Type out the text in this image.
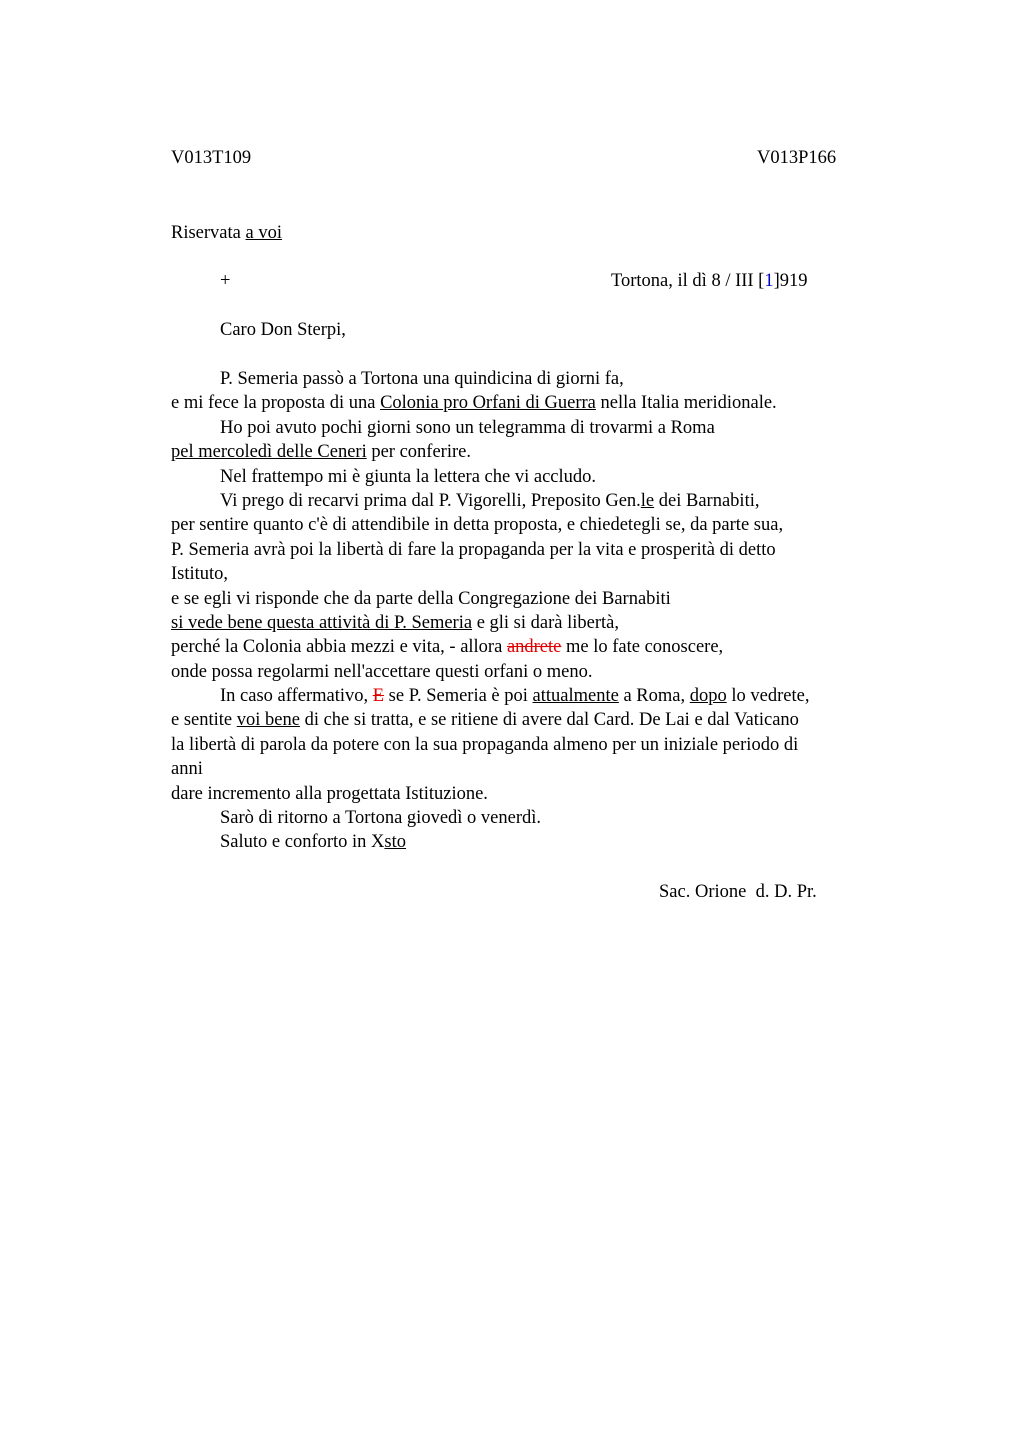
V013T109	V013P166
Riservata a voi
+	Tortona, il dì 8 / III [1]919
Caro Don Sterpi,
P. Semeria passò a Tortona una quindicina di giorni fa,
e mi fece la proposta di una Colonia pro Orfani di Guerra nella Italia meridionale.
Ho poi avuto pochi giorni sono un telegramma di trovarmi a Roma
pel mercoledì delle Ceneri per conferire.
Nel frattempo mi è giunta la lettera che vi accludo.
Vi prego di recarvi prima dal P. Vigorelli, Preposito Gen.le dei Barnabiti,
per sentire quanto c'è di attendibile in detta proposta, e chiedetegli se, da parte sua,
P. Semeria avrà poi la libertà di fare la propaganda per la vita e prosperità di detto
Istituto,
e se egli vi risponde che da parte della Congregazione dei Barnabiti
si vede bene questa attività di P. Semeria e gli si darà libertà,
perché la Colonia abbia mezzi e vita, - allora andrete me lo fate conoscere,
onde possa regolarmi nell'accettare questi orfani o meno.
In caso affermativo, E se P. Semeria è poi attualmente a Roma, dopo lo vedrete,
e sentite voi bene di che si tratta, e se ritiene di avere dal Card. De Lai e dal Vaticano
la libertà di parola da potere con la sua propaganda almeno per un iniziale periodo di
anni
dare incremento alla progettata Istituzione.
Sarò di ritorno a Tortona giovedì o venerdì.
Saluto e conforto in Xsto
Sac. Orione  d. D. Pr.
